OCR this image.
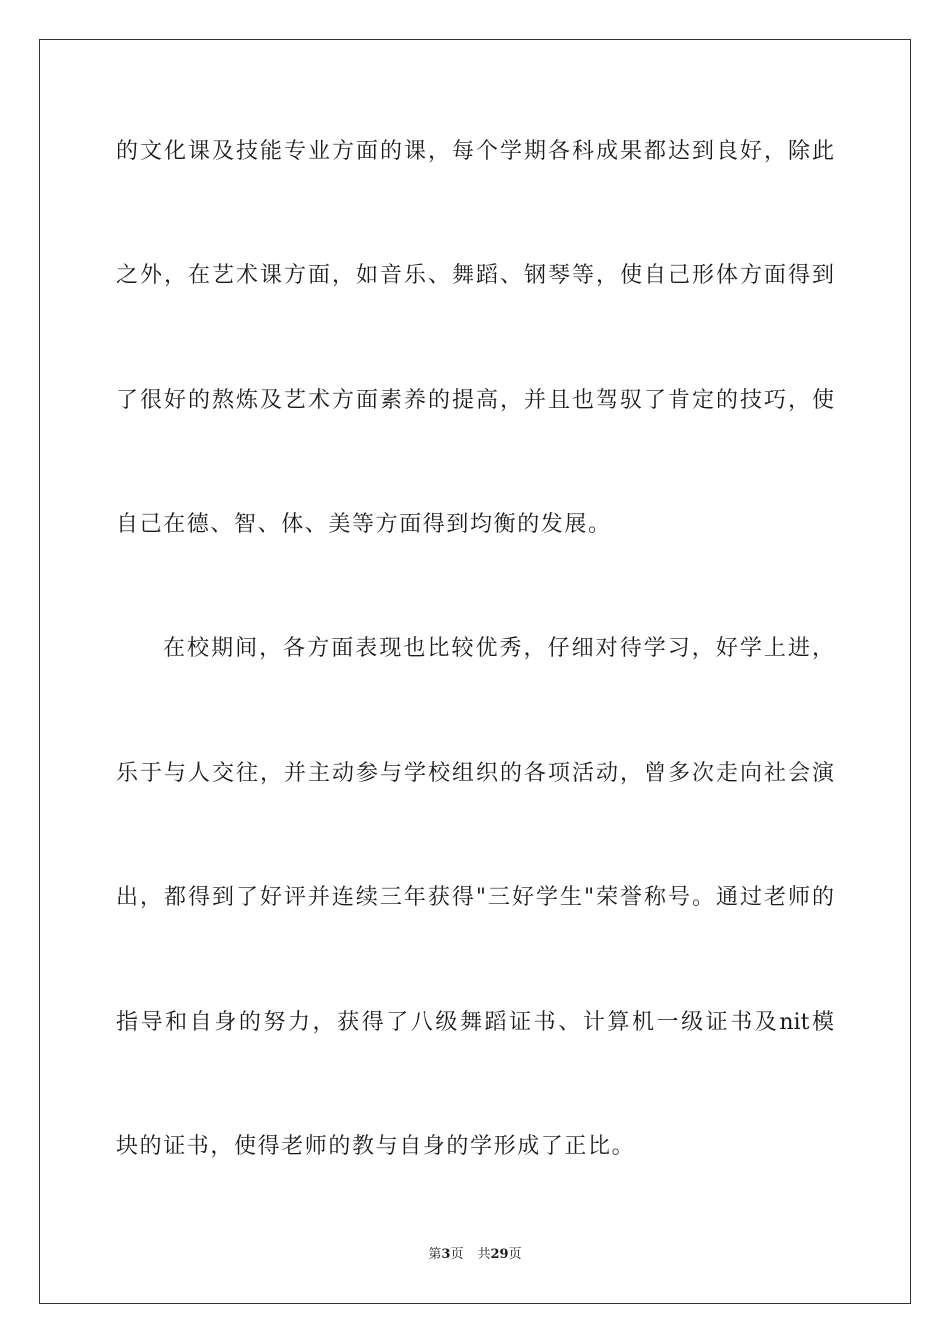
的文化课及技能专业方面的课，每个学期各科成果都达到良好，除此
之外，在艺术课方面，如音乐、舞蹈、钢琴等，使自己形体方面得到
了很好的熬炼及艺术方面素养的提高，并且也驾驭了肯定的技巧，使
自己在德、智、体、美等方面得到均衡的发展。
在校期间，各方面表现也比较优秀，仔细对待学习，好学上进，
乐于与人交往，并主动参与学校组织的各项活动，曾多次走向社会演
出，都得到了好评并连续三年获得"三好学生"荣誉称号。通过老师的
指导和自身的努力，获得了八级舞蹈证书、计算机一级证书及nit模
块的证书，使得老师的教与自身的学形成了正比。
第3页 共29页
